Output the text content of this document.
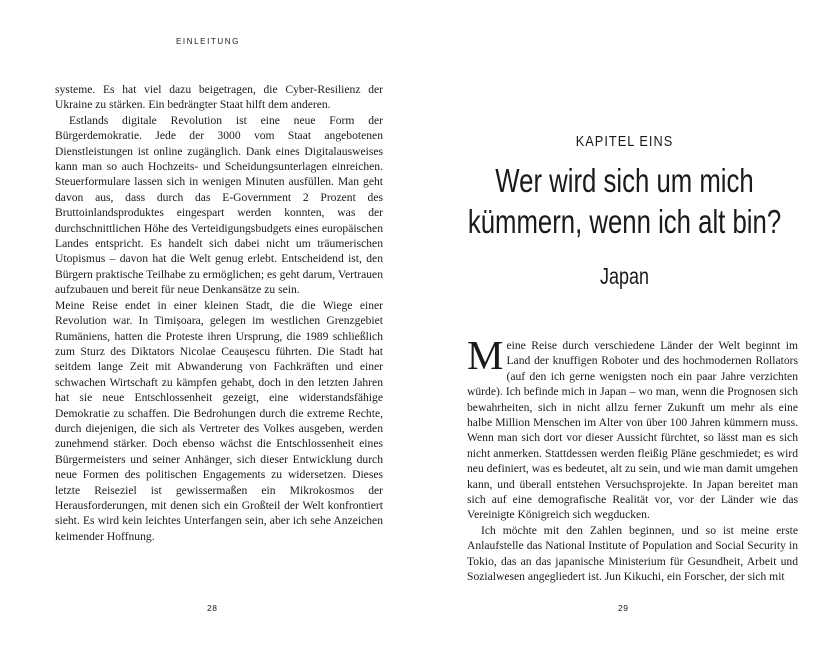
EINLEITUNG

systeme. Es hat viel dazu beigetragen, die Cyber-Resilienz der Ukraine zu stärken. Ein bedrängter Staat hilft dem anderen.

Estlands digitale Revolution ist eine neue Form der Bürgerdemokratie. Jede der 3000 vom Staat angebotenen Dienstleistungen ist online zugänglich. Dank eines Digitalausweises kann man so auch Hochzeits- und Scheidungsunterlagen einreichen. Steuerformulare lassen sich in wenigen Minuten ausfüllen. Man geht davon aus, dass durch das E-Government 2 Prozent des Bruttoinlandsproduktes eingespart werden konnten, was der durchschnittlichen Höhe des Verteidigungsbudgets eines europäischen Landes entspricht. Es handelt sich dabei nicht um träumerischen Utopismus – davon hat die Welt genug erlebt. Entscheidend ist, den Bürgern praktische Teilhabe zu ermöglichen; es geht darum, Vertrauen aufzubauen und bereit für neue Denkansätze zu sein.

Meine Reise endet in einer kleinen Stadt, die die Wiege einer Revolution war. In Timișoara, gelegen im westlichen Grenzgebiet Rumäniens, hatten die Proteste ihren Ursprung, die 1989 schließlich zum Sturz des Diktators Nicolae Ceaușescu führten. Die Stadt hat seitdem lange Zeit mit Abwanderung von Fachkräften und einer schwachen Wirtschaft zu kämpfen gehabt, doch in den letzten Jahren hat sie neue Entschlossenheit gezeigt, eine widerstandsfähige Demokratie zu schaffen. Die Bedrohungen durch die extreme Rechte, durch diejenigen, die sich als Vertreter des Volkes ausgeben, werden zunehmend stärker. Doch ebenso wächst die Entschlossenheit eines Bürgermeisters und seiner Anhänger, sich dieser Entwicklung durch neue Formen des politischen Engagements zu widersetzen. Dieses letzte Reiseziel ist gewissermaßen ein Mikrokosmos der Herausforderungen, mit denen sich ein Großteil der Welt konfrontiert sieht. Es wird kein leichtes Unterfangen sein, aber ich sehe Anzeichen keimender Hoffnung.

28
KAPITEL EINS
Wer wird sich um mich
kümmern, wenn ich alt bin?
Japan

Meine Reise durch verschiedene Länder der Welt beginnt im Land der knuffigen Roboter und des hochmodernen Rollators (auf den ich gerne wenigsten noch ein paar Jahre verzichten würde). Ich befinde mich in Japan – wo man, wenn die Prognosen sich bewahrheiten, sich in nicht allzu ferner Zukunft um mehr als eine halbe Million Menschen im Alter von über 100 Jahren kümmern muss. Wenn man sich dort vor dieser Aussicht fürchtet, so lässt man es sich nicht anmerken. Stattdessen werden fleißig Pläne geschmiedet; es wird neu definiert, was es bedeutet, alt zu sein, und wie man damit umgehen kann, und überall entstehen Versuchsprojekte. In Japan bereitet man sich auf eine demografische Realität vor, vor der Länder wie das Vereinigte Königreich sich wegducken.

Ich möchte mit den Zahlen beginnen, und so ist meine erste Anlaufstelle das National Institute of Population and Social Security in Tokio, das an das japanische Ministerium für Gesundheit, Arbeit und Sozialwesen angegliedert ist. Jun Kikuchi, ein Forscher, der sich mit

29
